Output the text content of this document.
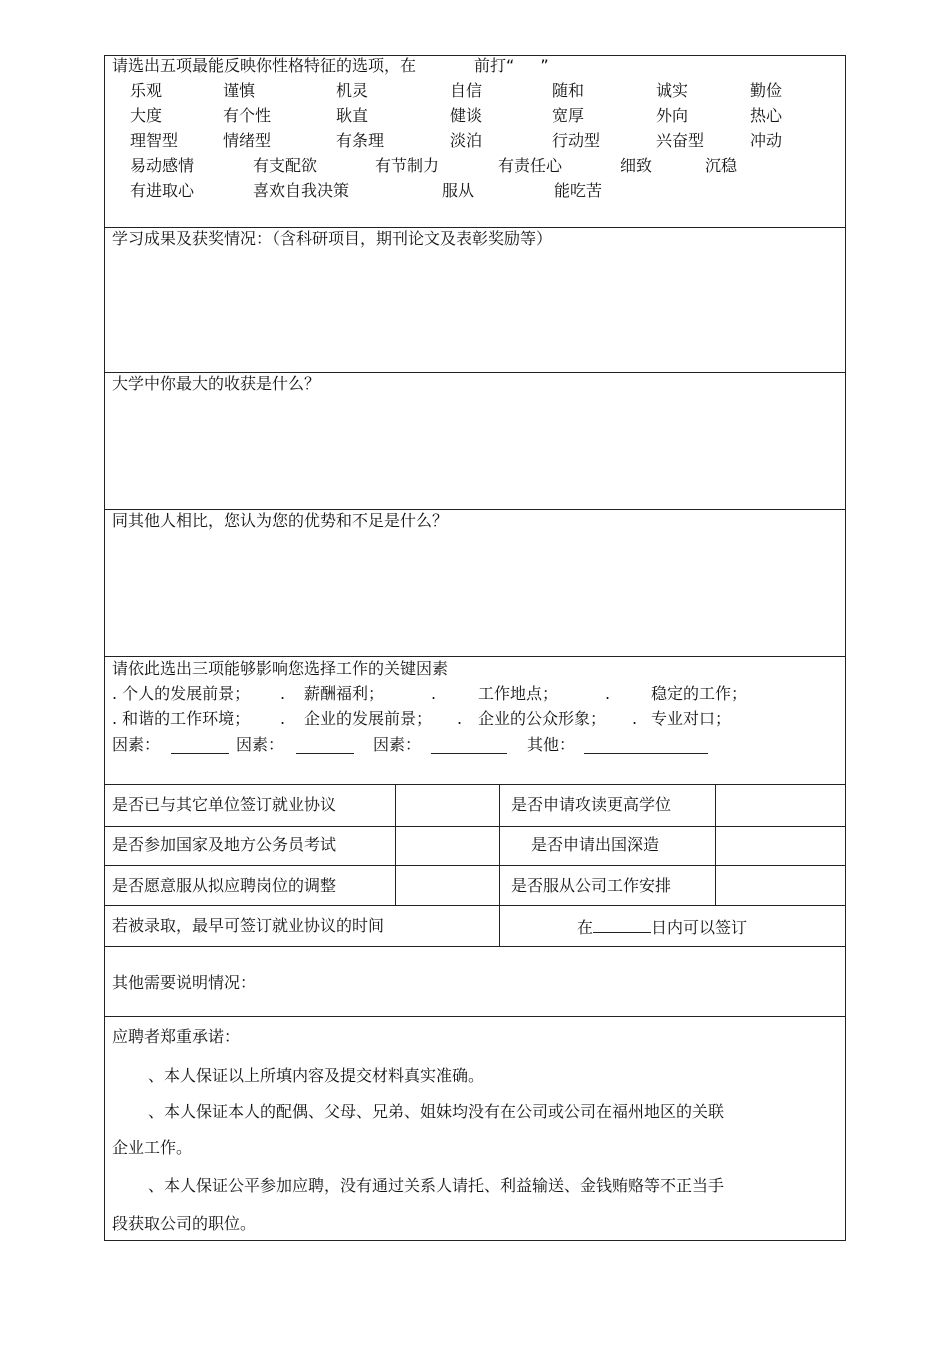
请选出五项最能反映你性格特征的选项，在	前打“ ”
乐观	谨慎	机灵	自信	随和	诚实	勤俭
大度	有个性	耿直	健谈	宽厚	外向	热心
理智型	情绪型	有条理	淡泊	行动型	兴奋型	冲动
易动感情	有支配欲	有节制力	有责任心	细致	沉稳
有进取心	喜欢自我决策	服从	能吃苦
学习成果及获奖情况：（含科研项目，期刊论文及表彰奖励等）
大学中你最大的收获是什么？
同其他人相比，您认为您的优势和不足是什么？
请依此选出三项能够影响您选择工作的关键因素
. 个人的发展前景； . 薪酬福利；	.	工作地点；	.	稳定的工作；
. 和谐的工作环境； . 企业的发展前景； . 企业的公众形象； . 专业对口；
因素：	因素：	因素：	其他：
是否已与其它单位签订就业协议	是否申请攻读更高学位
是否参加国家及地方公务员考试	是否申请出国深造
是否愿意服从拟应聘岗位的调整	是否服从公司工作安排
若被录取，最早可签订就业协议的时间	在	日内可以签订
其他需要说明情况：
应聘者郑重承诺：
、本人保证以上所填内容及提交材料真实准确。
、本人保证本人的配偶、父母、兄弟、姐妹均没有在公司或公司在福州地区的关联
企业工作。
、本人保证公平参加应聘，没有通过关系人请托、利益输送、金钱贿赂等不正当手
段获取公司的职位。
